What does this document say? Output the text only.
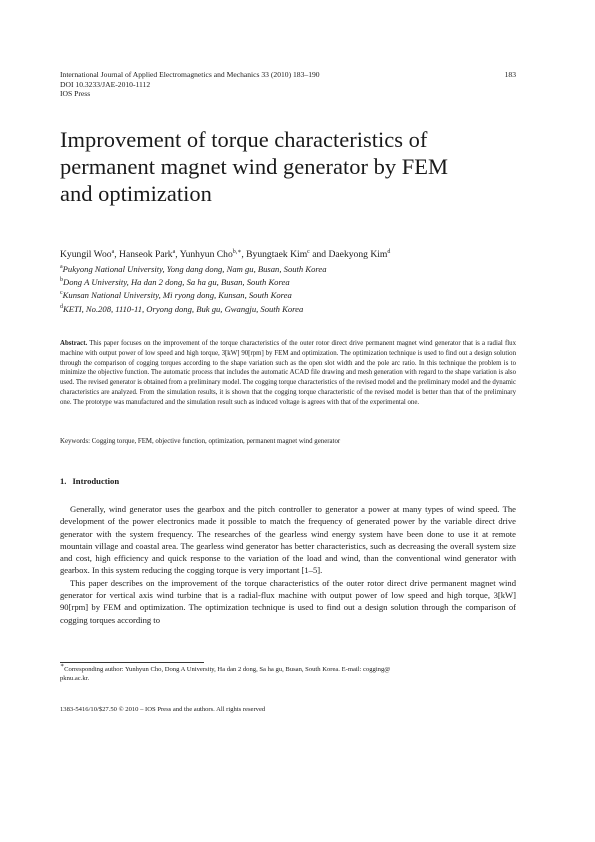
International Journal of Applied Electromagnetics and Mechanics 33 (2010) 183–190
DOI 10.3233/JAE-2010-1112
IOS Press
183
Improvement of torque characteristics of
permanent magnet wind generator by FEM
and optimization
Kyungil Woo$^a$, Hanseok Park$^a$, Yunhyun Cho$^{b,∗}$, Byungtaek Kim$^c$ and Daekyong Kim$^d$
$^a$Pukyong National University, Yong dang dong, Nam gu, Busan, South Korea
$^b$Dong A University, Ha dan 2 dong, Sa ha gu, Busan, South Korea
$^c$Kunsan National University, Mi ryong dong, Kunsan, South Korea
$^d$KETI, No.208, 1110-11, Oryong dong, Buk gu, Gwangju, South Korea

Abstract. This paper focuses on the improvement of the torque characteristics of the outer rotor direct drive permanent magnet wind generator that is a radial flux machine with output power of low speed and high torque, 3[kW] 90[rpm] by FEM and optimization. The optimization technique is used to find out a design solution through the comparison of cogging torques according to the shape variation such as the open slot width and the pole arc ratio. In this technique the problem is to minimize the objective function. The automatic process that includes the automatic ACAD file drawing and mesh generation with regard to the shape variation is also used. The revised generator is obtained from a preliminary model. The cogging torque characteristics of the revised model and the preliminary model and the dynamic characteristics are analyzed. From the simulation results, it is shown that the cogging torque characteristic of the revised model is better than that of the preliminary one. The prototype was manufactured and the simulation result such as induced voltage is agrees with that of the experimental one.

Keywords: Cogging torque, FEM, objective function, optimization, permanent magnet wind generator
1. Introduction

Generally, wind generator uses the gearbox and the pitch controller to generator a power at many types of wind speed. The development of the power electronics made it possible to match the frequency of generated power by the variable direct drive generator with the system frequency. The researches of the gearless wind energy system have been done to use it at remote mountain village and coastal area. The gearless wind generator has better characteristics, such as decreasing the overall system size and cost, high efficiency and quick response to the variation of the load and wind, than the conventional wind generator with gearbox. In this system reducing the cogging torque is very important [1–5].

This paper describes on the improvement of the torque characteristics of the outer rotor direct drive permanent magnet wind generator for vertical axis wind turbine that is a radial-flux machine with output power of low speed and high torque, 3[kW] 90[rpm] by FEM and optimization. The optimization technique is used to find out a design solution through the comparison of cogging torques according to

∗Corresponding author: Yunhyun Cho, Dong A University, Ha dan 2 dong, Sa ha gu, Busan, South Korea. E-mail: cogging@
pknu.ac.kr.
1383-5416/10/$27.50 © 2010 – IOS Press and the authors. All rights reserved
